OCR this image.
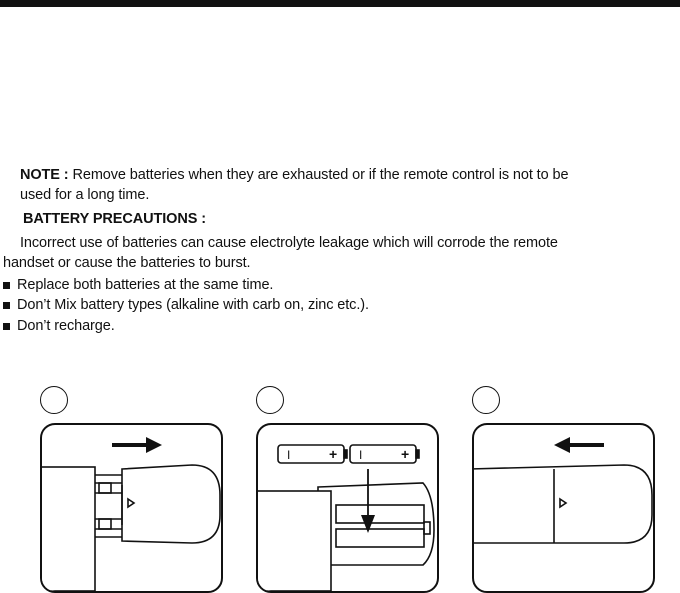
NOTE : Remove batteries when they are exhausted or if the remote control is not to be
used for a long time.
BATTERY PRECAUTIONS :
Incorrect use of batteries can cause electrolyte leakage which will corrode the remote
handset or cause the batteries to burst.
Replace both batteries at the same time.
Don’t Mix battery types (alkaline with carb on, zinc etc.).
Don’t recharge.
I	+ I	+
